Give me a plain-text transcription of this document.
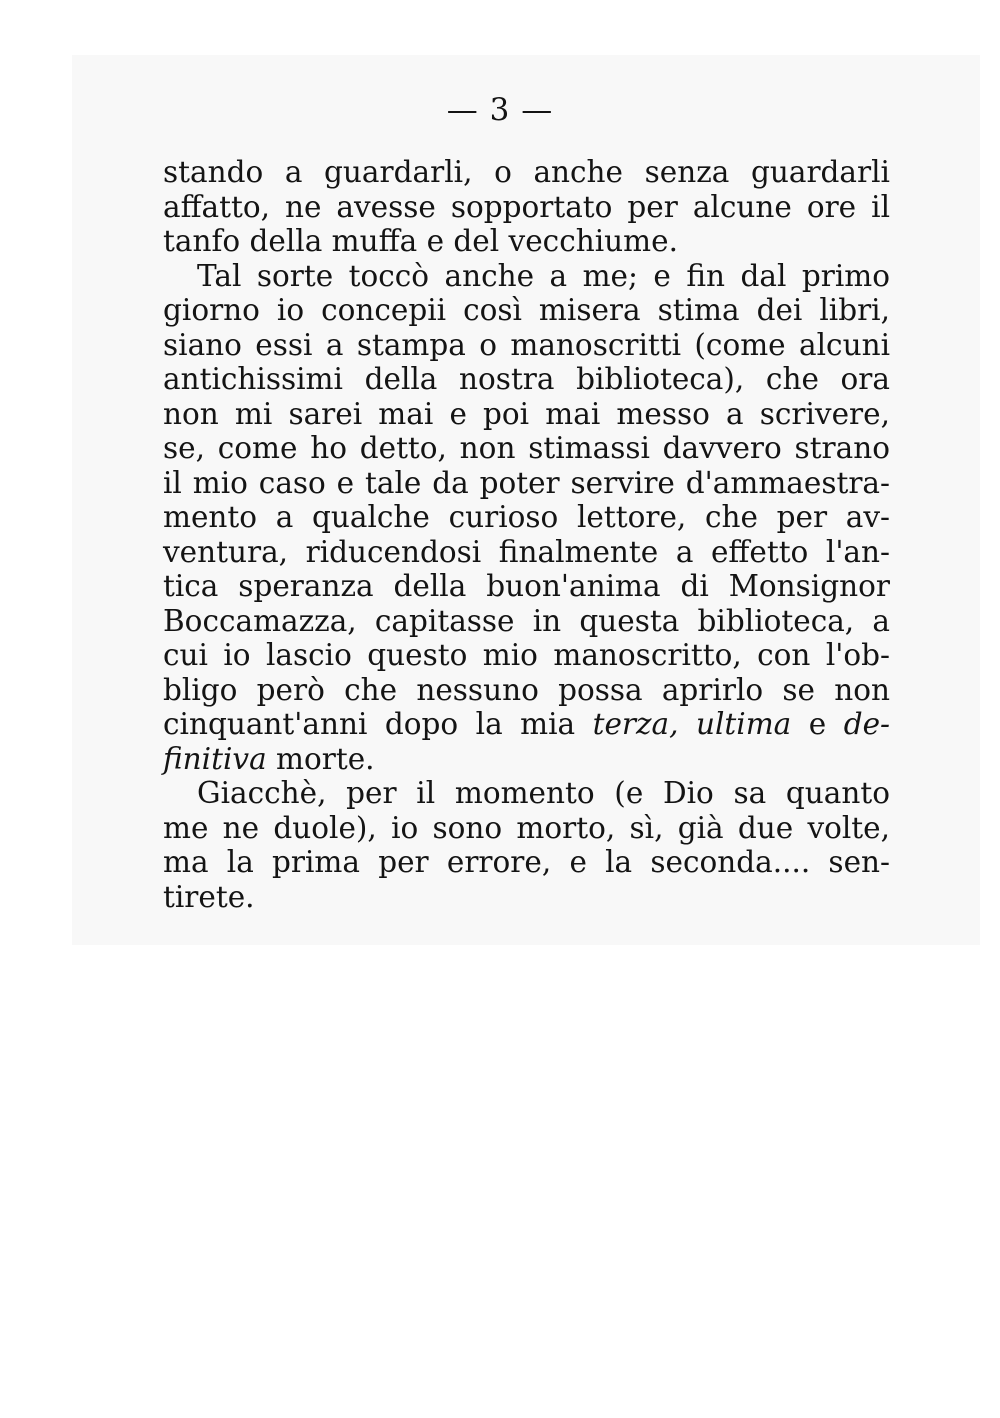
— 3 —
stando a guardarli, o anche senza guardarli
affatto, ne avesse sopportato per alcune ore il
tanfo della muffa e del vecchiume.
Tal sorte toccò anche a me; e fin dal primo
giorno io concepii così misera stima dei libri,
siano essi a stampa o manoscritti (come alcuni
antichissimi della nostra biblioteca), che ora
non mi sarei mai e poi mai messo a scrivere,
se, come ho detto, non stimassi davvero strano
il mio caso e tale da poter servire d'ammaestra-
mento a qualche curioso lettore, che per av-
ventura, riducendosi finalmente a effetto l'an-
tica speranza della buon'anima di Monsignor
Boccamazza, capitasse in questa biblioteca, a
cui io lascio questo mio manoscritto, con l'ob-
bligo però che nessuno possa aprirlo se non
cinquant'anni dopo la mia terza, ultima e de-
finitiva morte.
Giacchè, per il momento (e Dio sa quanto
me ne duole), io sono morto, sì, già due volte,
ma la prima per errore, e la seconda.... sen-
tirete.
